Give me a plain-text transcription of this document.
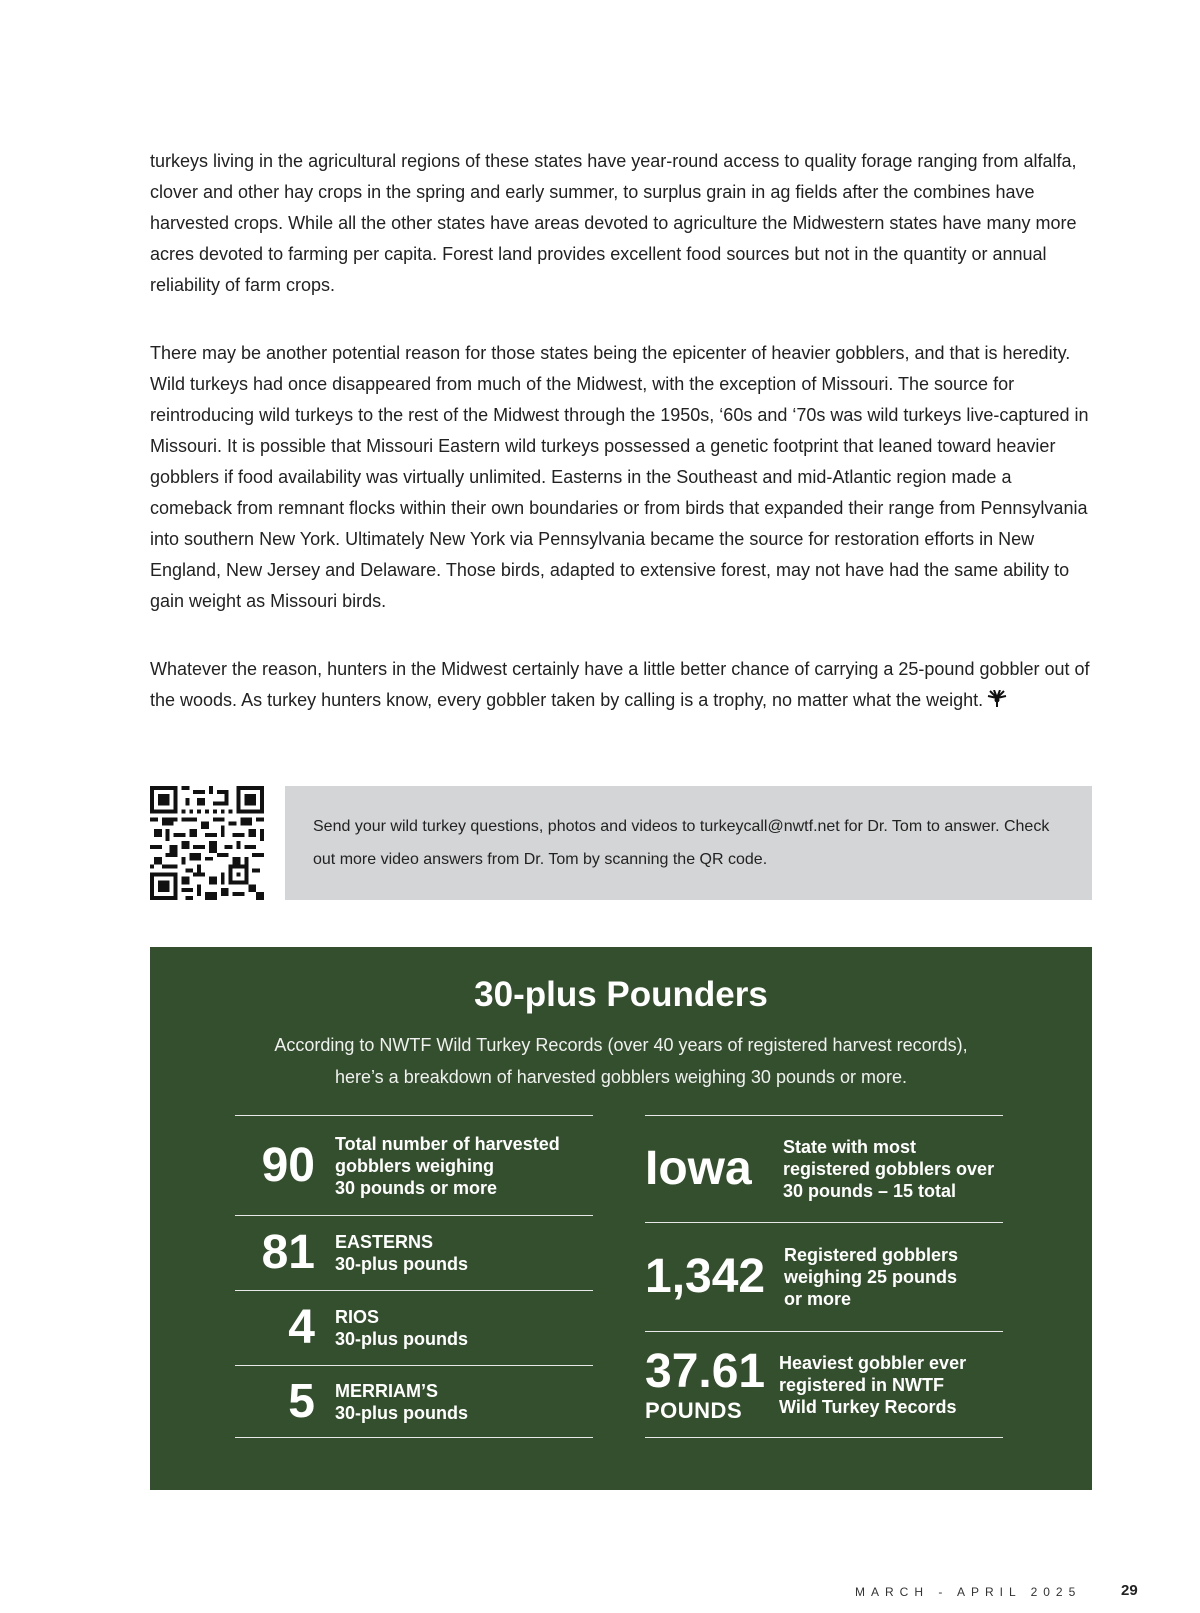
turkeys living in the agricultural regions of these states have year-round access to quality forage ranging from alfalfa, clover and other hay crops in the spring and early summer, to surplus grain in ag fields after the combines have harvested crops. While all the other states have areas devoted to agriculture the Midwestern states have many more acres devoted to farming per capita. Forest land provides excellent food sources but not in the quantity or annual reliability of farm crops.

There may be another potential reason for those states being the epicenter of heavier gobblers, and that is heredity. Wild turkeys had once disappeared from much of the Midwest, with the exception of Missouri. The source for reintroducing wild turkeys to the rest of the Midwest through the 1950s, ‘60s and ‘70s was wild turkeys live-captured in Missouri. It is possible that Missouri Eastern wild turkeys possessed a genetic footprint that leaned toward heavier gobblers if food availability was virtually unlimited. Easterns in the Southeast and mid-Atlantic region made a comeback from remnant flocks within their own boundaries or from birds that expanded their range from Pennsylvania into southern New York. Ultimately New York via Pennsylvania became the source for restoration efforts in New England, New Jersey and Delaware. Those birds, adapted to extensive forest, may not have had the same ability to gain weight as Missouri birds.

Whatever the reason, hunters in the Midwest certainly have a little better chance of carrying a 25-pound gobbler out of the woods. As turkey hunters know, every gobbler taken by calling is a trophy, no matter what the weight.

Send your wild turkey questions, photos and videos to turkeycall@nwtf.net for Dr. Tom to answer. Check out more video answers from Dr. Tom by scanning the QR code.

30-plus Pounders

According to NWTF Wild Turkey Records (over 40 years of registered harvest records),
here’s a breakdown of harvested gobblers weighing 30 pounds or more.

90 Total number of harvested
gobblers weighing
30 pounds or more
81 EASTERNS
30-plus pounds
4 RIOS
30-plus pounds
5 MERRIAM’S
30-plus pounds
Iowa	State with most
registered gobblers over
30 pounds – 15 total
1,342	Registered gobblers
weighing 25 pounds
or more
37.61
POUNDS
Heaviest gobbler ever
registered in NWTF
Wild Turkey Records
MARCH - APRIL 2025	29
